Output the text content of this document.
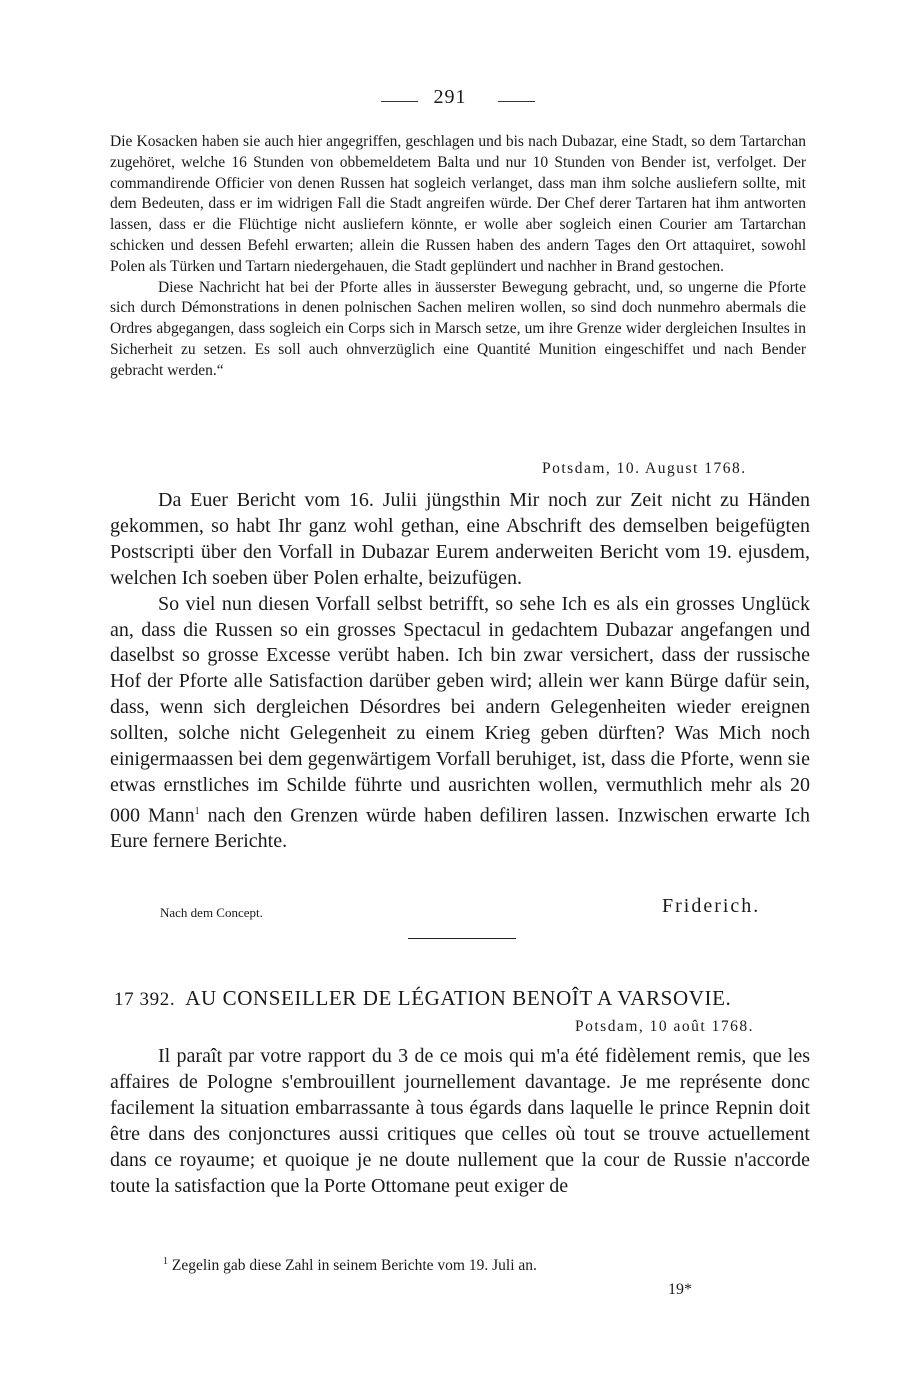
291

Die Kosacken haben sie auch hier angegriffen, geschlagen und bis nach Dubazar, eine Stadt, so dem Tartarchan zugehöret, welche 16 Stunden von obbemeldetem Balta und nur 10 Stunden von Bender ist, verfolget. Der commandirende Officier von denen Russen hat sogleich verlanget, dass man ihm solche ausliefern sollte, mit dem Bedeuten, dass er im widrigen Fall die Stadt angreifen würde. Der Chef derer Tartaren hat ihm antworten lassen, dass er die Flüchtige nicht ausliefern könnte, er wolle aber sogleich einen Courier am Tartarchan schicken und dessen Befehl erwarten; allein die Russen haben des andern Tages den Ort attaquiret, sowohl Polen als Türken und Tartarn niedergehauen, die Stadt geplündert und nachher in Brand gestochen.

Diese Nachricht hat bei der Pforte alles in äusserster Bewegung gebracht, und, so ungerne die Pforte sich durch Démonstrations in denen polnischen Sachen meliren wollen, so sind doch nunmehro abermals die Ordres abgegangen, dass sogleich ein Corps sich in Marsch setze, um ihre Grenze wider dergleichen Insultes in Sicherheit zu setzen. Es soll auch ohnverzüglich eine Quantité Munition eingeschiffet und nach Bender gebracht werden.“

Potsdam, 10. August 1768.

Da Euer Bericht vom 16. Julii jüngsthin Mir noch zur Zeit nicht zu Händen gekommen, so habt Ihr ganz wohl gethan, eine Abschrift des demselben beigefügten Postscripti über den Vorfall in Dubazar Eurem anderweiten Bericht vom 19. ejusdem, welchen Ich soeben über Polen erhalte, beizufügen.

So viel nun diesen Vorfall selbst betrifft, so sehe Ich es als ein grosses Unglück an, dass die Russen so ein grosses Spectacul in gedachtem Dubazar angefangen und daselbst so grosse Excesse verübt haben. Ich bin zwar versichert, dass der russische Hof der Pforte alle Satisfaction darüber geben wird; allein wer kann Bürge dafür sein, dass, wenn sich dergleichen Désordres bei andern Gelegenheiten wieder ereignen sollten, solche nicht Gelegenheit zu einem Krieg geben dürften? Was Mich noch einigermaassen bei dem gegenwärtigem Vorfall beruhiget, ist, dass die Pforte, wenn sie etwas ernstliches im Schilde führte und ausrichten wollen, vermuthlich mehr als 20 000 Mann$^1$ nach den Grenzen würde haben defiliren lassen. Inzwischen erwarte Ich Eure fernere Berichte.

Nach dem Concept.	Friderich.
17 392. AU CONSEILLER DE LÉGATION BENOÎT A VARSOVIE.
Potsdam, 10 août 1768.

Il paraît par votre rapport du 3 de ce mois qui m'a été fidèlement remis, que les affaires de Pologne s'embrouillent journellement davantage. Je me représente donc facilement la situation embarrassante à tous égards dans laquelle le prince Repnin doit être dans des conjonctures aussi critiques que celles où tout se trouve actuellement dans ce royaume; et quoique je ne doute nullement que la cour de Russie n'accorde toute la satisfaction que la Porte Ottomane peut exiger de

$^1$ Zegelin gab diese Zahl in seinem Berichte vom 19. Juli an.
19*
